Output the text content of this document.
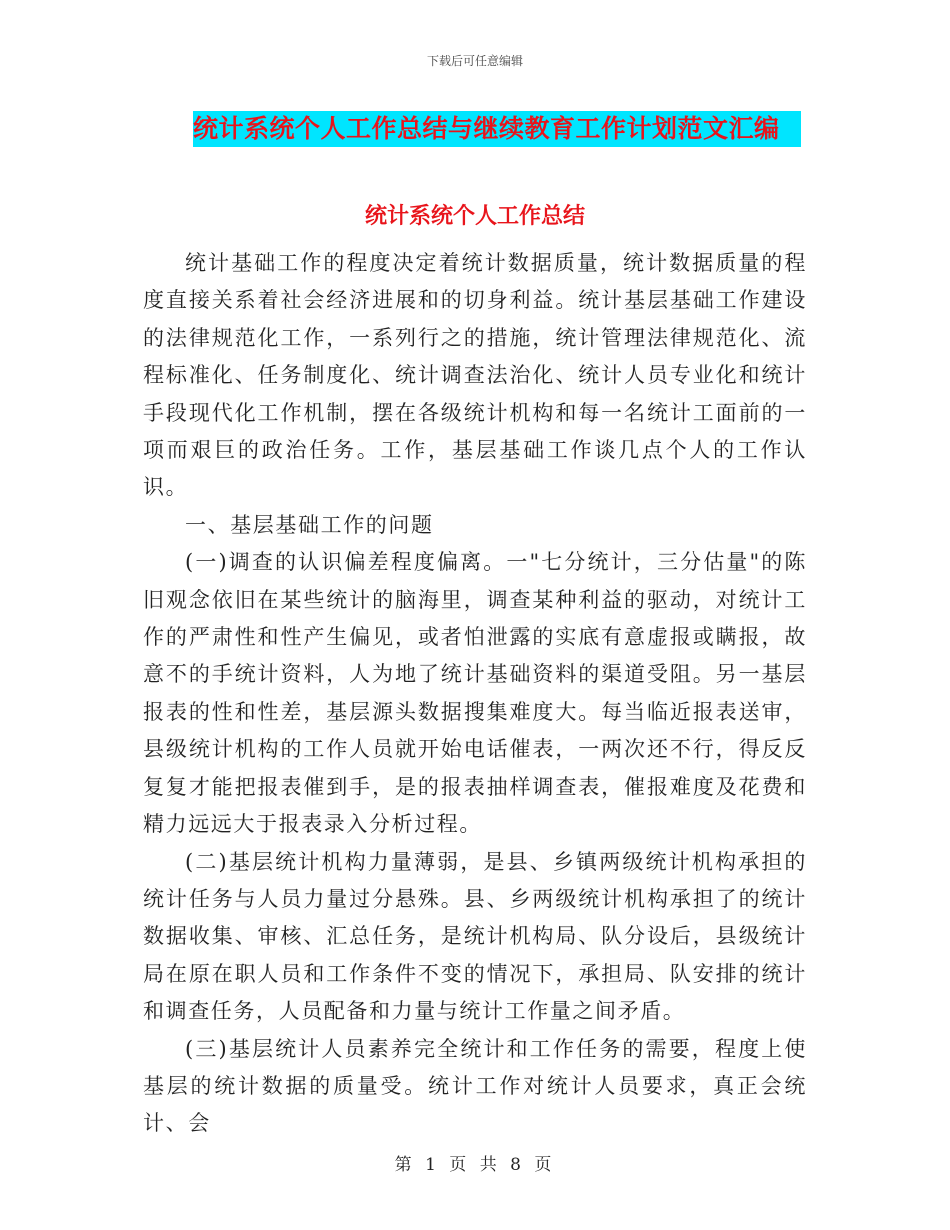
下载后可任意编辑
统计系统个人工作总结与继续教育工作计划范文汇编
统计系统个人工作总结

统计基础工作的程度决定着统计数据质量，统计数据质量的程度直接关系着社会经济进展和的切身利益。统计基层基础工作建设的法律规范化工作，一系列行之的措施，统计管理法律规范化、流程标准化、任务制度化、统计调查法治化、统计人员专业化和统计手段现代化工作机制，摆在各级统计机构和每一名统计工面前的一项而艰巨的政治任务。工作，基层基础工作谈几点个人的工作认识。

一、基层基础工作的问题

(一)调查的认识偏差程度偏离。一"七分统计，三分估量"的陈旧观念依旧在某些统计的脑海里，调查某种利益的驱动，对统计工作的严肃性和性产生偏见，或者怕泄露的实底有意虚报或瞒报，故意不的手统计资料，人为地了统计基础资料的渠道受阻。另一基层报表的性和性差，基层源头数据搜集难度大。每当临近报表送审，县级统计机构的工作人员就开始电话催表，一两次还不行，得反反复复才能把报表催到手，是的报表抽样调查表，催报难度及花费和精力远远大于报表录入分析过程。

(二)基层统计机构力量薄弱，是县、乡镇两级统计机构承担的统计任务与人员力量过分悬殊。县、乡两级统计机构承担了的统计数据收集、审核、汇总任务，是统计机构局、队分设后，县级统计局在原在职人员和工作条件不变的情况下，承担局、队安排的统计和调查任务，人员配备和力量与统计工作量之间矛盾。

(三)基层统计人员素养完全统计和工作任务的需要，程度上使基层的统计数据的质量受。统计工作对统计人员要求，真正会统计、会

第 1 页 共 8 页
